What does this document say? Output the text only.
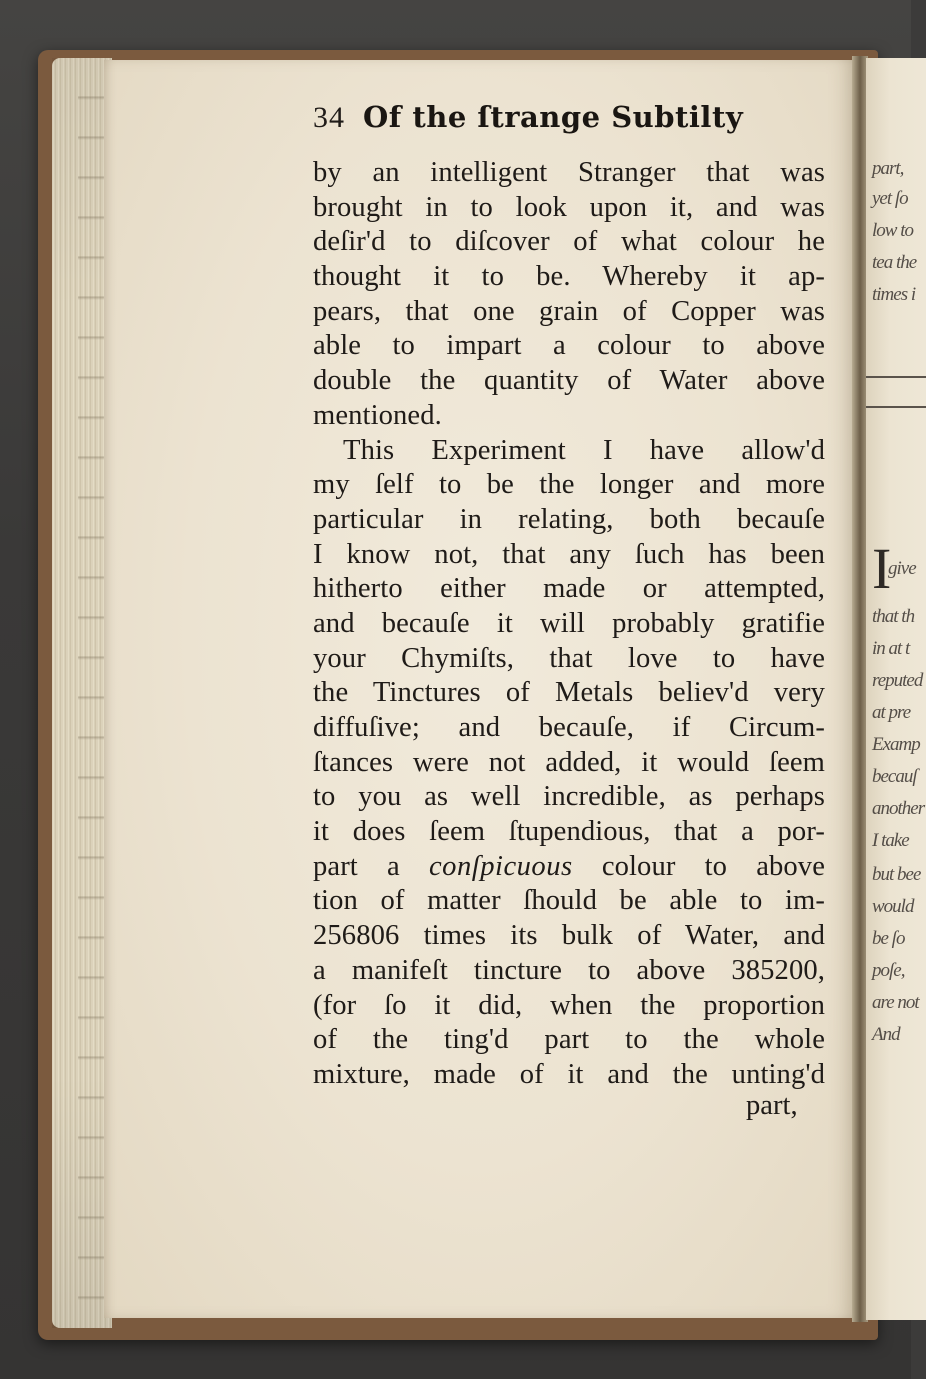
part,
yet ſo
low to
tea the
times i
I
give
that th
in at t
reputed
at pre
Examp
becauſ
another
I take
but bee
would
be ſo
poſe,
are not
And
34 Of the ſtrange Subtilty
by an intelligent Stranger that was
brought in to look upon it, and was
deſir'd to diſcover of what colour he
thought it to be. Whereby it ap-
pears, that one grain of Copper was
able to impart a colour to above
double the quantity of Water above
mentioned.
This Experiment I have allow'd
my ſelf to be the longer and more
particular in relating, both becauſe
I know not, that any ſuch has been
hitherto either made or attempted,
and becauſe it will probably gratifie
your Chymiſts, that love to have
the Tinctures of Metals believ'd very
diffuſive; and becauſe, if Circum-
ſtances were not added, it would ſeem
to you as well incredible, as perhaps
it does ſeem ſtupendious, that a por-
part a conſpicuous colour to above
tion of matter ſhould be able to im-
256806 times its bulk of Water, and
a manifeſt tincture to above 385200,
(for ſo it did, when the proportion
of the ting'd part to the whole
mixture, made of it and the unting'd
part,
